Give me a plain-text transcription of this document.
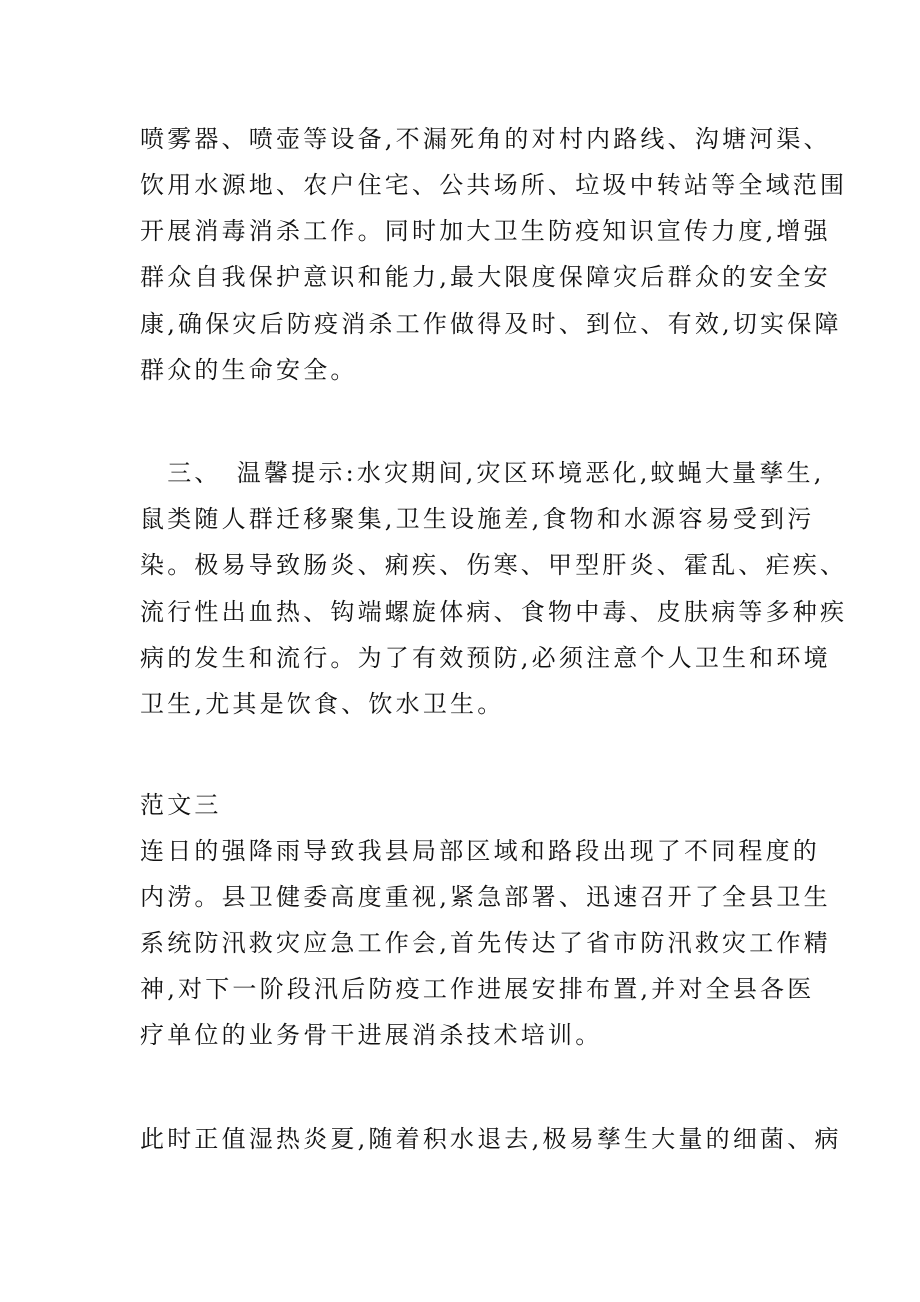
喷雾器、喷壶等设备,不漏死角的对村内路线、沟塘河渠、
饮用水源地、农户住宅、公共场所、垃圾中转站等全域范围
开展消毒消杀工作。同时加大卫生防疫知识宣传力度,增强
群众自我保护意识和能力,最大限度保障灾后群众的安全安
康,确保灾后防疫消杀工作做得及时、到位、有效,切实保障
群众的生命安全。
　三、　温馨提示:水灾期间,灾区环境恶化,蚊蝇大量孳生,
鼠类随人群迁移聚集,卫生设施差,食物和水源容易受到污
染。极易导致肠炎、痢疾、伤寒、甲型肝炎、霍乱、疟疾、
流行性出血热、钩端螺旋体病、食物中毒、皮肤病等多种疾
病的发生和流行。为了有效预防,必须注意个人卫生和环境
卫生,尤其是饮食、饮水卫生。
范文三
连日的强降雨导致我县局部区域和路段出现了不同程度的
内涝。县卫健委高度重视,紧急部署、迅速召开了全县卫生
系统防汛救灾应急工作会,首先传达了省市防汛救灾工作精
神,对下一阶段汛后防疫工作进展安排布置,并对全县各医
疗单位的业务骨干进展消杀技术培训。
此时正值湿热炎夏,随着积水退去,极易孳生大量的细菌、病
